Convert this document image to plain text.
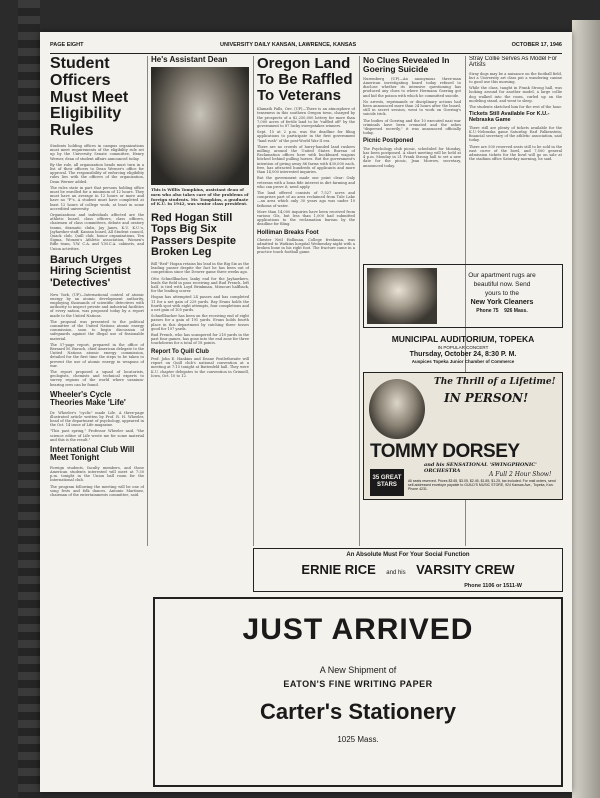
PAGE EIGHT	UNIVERSITY DAILY KANSAN, LAWRENCE, KANSAS	OCTOBER 17, 1946
Student Officers Must Meet Eligibility Rules

Students holding offices in campus organizations must meet requirements of the eligibility rule set up by the University Senate committee, Henry Werner, dean of student affairs announced today.

By the rule, all organization heads must turn in a list of their officers to Dean Werner's office for approval. The responsibility of enforcing eligibility rules lies with the officers of the organization, Dean Werner added.

The rules state in part that persons holding office must be enrolled for a minimum of 12 hours. They must have an average in 12 hours or more and have no "F"s. A student must have completed at least 12 hours of college work, at least in some accredited university.

Organizations and individuals affected are the athletic board, class officers, class officers, chairmen of class committees, debate and oratory teams, dramatic clubs, Jay Janes, K.U. K.U.'s, Jayhawker staff, Kansan board, All Student council, Quack club, Quill club, honor organizations, Ten Sigma, Women's Athletic association, Women's Rifle team, Y.W. C.A. and Y.M.C.A. cabinets, and Union activities.

Baruch Urges Hiring Scientist 'Detectives'

New York, (UP)—International control of atomic energy by an atomic development authority, employing thousands of scientific detectives with authority to inspect private and industrial facilities of every nation, was proposed today by a report made to the United Nations.

The proposal was presented to the political committee of the United Nations atomic energy commission, soon to begin discussion of safeguards against the illegal use of fissionable material.

The 57-page report, prepared in the office of Bernard M. Baruch, chief American delegate to the United Nations atomic energy commission, detailed for the first time the steps to be taken to prevent the use of atomic energy in weapons of war.

The report proposed a squad of locatorists, geologists, chemists and technical experts to survey regions of the world where uranium-bearing ores can be found.

Wheeler's Cycle Theories Make 'Life'

Dr. Wheeler's "cyclic" made Life. A three-page illustrated article written by Prof. R. H. Wheeler, head of the department of psychology, appeared in the Oct. 14 issue of Life magazine.

"This past spring," Professor Wheeler said, "the science editor of Life wrote me for some material and this is the result."

International Club Will Meet Tonight

Foreign students, faculty members, and those American students interested will meet at 7:30 p.m. tonight in the Union ball room for the International club.

The program following the meeting will be one of song fests and folk dances. Antonio Martinez, chairman of the entertainments committee, said.

He's Assistant Dean
This is Willis Tompkins, assistant dean of men who also takes care of the problems of foreign students. Mr. Tompkins, a graduate of K.U. in 1942, was senior class president.
Red Hogan Still Tops Big Six Passers Despite Broken Leg

Bill "Red" Hogan retains his lead in the Big Six as the leading passer despite the fact he has been out of competition since the Denver game three weeks ago.

Otto Schnellbacher, lanky end for the Jayhawkers, leads the field in pass receiving and Bud French, left half, is tied with Loyd Brinkman, Missouri halfback, for the leading scorer.

Hogan has attempted 24 passes and has completed 11 for a net gain of 229 yards. Ray Evans holds the fourth spot with eight attempts, four completions and a net gain of 105 yards.

Schnellbacher has been on the receiving end of eight passes for a gain of 191 yards. Evans holds fourth place in this department by catching three tosses good for 107 yards.

Bud French, who has scampered for 218 yards in the past four games, has gone into the end zone for three touchdowns for a total of 18 points.

Report To Quill Club

Prof. John E. Hankins and Deane Postlethwaite will report on Quill club's national convention at a meeting at 7:15 tonight at Battenfeld hall. They were K.U. chapter delegates to the convention in Grinnell, Iowa, Oct. 10 to 12.

Oregon Land To Be Raffled To Veterans

Klamath Falls, Ore. (UP)—There is an atmosphere of tenseness in this southern Oregon town, charged by the prospects of a $2,250,000 lottery for more than 7,000 acres of fertile land to be "raffled off" by the government to 87 lucky sweepstakes winners.

Sept. 15 at 2 p.m. was the deadline for filing applications to participate in the first government "land rush" of the post-World War II era.

There are no crowds of hurry-handed land rushers milling around the United States Bureau of Reclamation offices here with buckboard wagons hitched behind pulling horses. But the government's intention of giving away 86 farms with $30,000 each, free, has attracted hundreds of applicants and more than 14,000 interested inquiries.

But the government made one point clear: Only veterans with a bona fide interest in dirt farming and who can prove it, need apply.

The land offered consists of 7,527 acres and comprises part of an area reclaimed from Tule Lake—an area which only 30 years ago was under 10 fathoms of water.

More than 14,000 inquiries have been received from various GIs, but less than 1,000 had submitted applications to the reclamation bureau by the deadline for filing.

Holliman Breaks Foot

Chester Neil Holliman, College freshman, was admitted to Watkins hospital Wednesday night with a broken bone in his right foot. The fracture came in a practice touch football game.

No Clues Revealed In Goering Suicide

Nuremberg (UP)—An anonymous three-man American investigating board today refused to disclose whether its intensive questioning has produced any clues to where Hermann Goering got and hid the poison with which he committed suicide.

No arrests, reprimands or disciplinary actions had been announced more than 24 hours after the board, still in secret session, went to work on Goering's suicide trick.

The bodies of Goering and the 10 executed nazi war criminals have been cremated and the ashes "dispersed secretly," it was announced officially today.

Picnic Postponed

The Psychology club picnic, scheduled for Monday, has been postponed. A short meeting will be held at 4 p.m. Monday in 21 Frank Strong hall to set a new date for the picnic, Jean Morrow, secretary, announced today.

Stray Collie Serves As Model For Artists

Stray dogs may be a nuisance on the football field, but a University art class put a wandering canine to good use this morning.

While the class, taught in Frank Strong hall, was looking around for another model, a large collie dog walked into the room, curled up on the modeling stand, and went to sleep.

The students sketched him for the rest of the hour.

Tickets Still Available For K.U.-Nebraska Game

There still are plenty of tickets available for the K.U.-Nebraska game Saturday, Earl Falkenstein, financial secretary of the athletic association, said today.

There are 500 reserved seats still to be sold in the east curve of the bowl, and 7,500 general admission tickets for the bowl will go on sale at the stadium office Saturday morning, he said.

Our apartment rugs are
beautiful now. Send
yours to the
New York Cleaners
Phone 75 926 Mass.
MUNICIPAL AUDITORIUM, TOPEKA
IN POPULAR CONCERT
Thursday, October 24, 8:30 P. M.
Auspices Topeka Junior Chamber of Commerce
The Thrill of a Lifetime!
IN PERSON!
TOMMY DORSEY
and his SENSATIONAL 'SWINGPHONIC' ORCHESTRA	A Full 2 Hour Show!
35 GREAT STARS
All seats reserved. Prices $3.65, $3.05, $2.45, $1.85, $1.25, tax included. For mail orders, send self-addressed envelope payable to GUILD'S MUSIC STORE, 924 Kansas Ave., Topeka, Kan. Phone 4231.
An Absolute Must For Your Social Function
ERNIE RICE and his VARSITY CREW
Phone 1106 or 1511-W
JUST ARRIVED
A New Shipment of
EATON'S FINE WRITING PAPER
Carter's Stationery
1025 Mass.
